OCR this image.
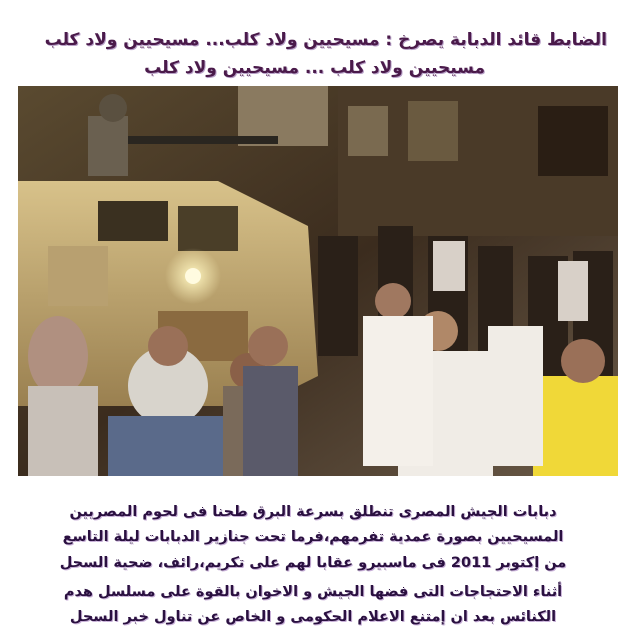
الضابط قائد الدبابة يصرخ : مسيحيين ولاد كلب... مسيحيين ولاد كلب
مسيحيين ولاد كلب ... مسيحيين ولاد كلب
دبابات الجيش المصرى تنطلق بسرعة البرق طحنا فى لحوم المصريين
المسيحيين بصورة عمدية تفرمهم،فرما تحت جنازير الدبابات ليلة التاسع
من إكتوبر 2011 فى ماسبيرو عقابا لهم على تكريم،رائف، ضحية السحل
أثناء الاحتجاجات التى فضها الجيش و الاخوان بالقوة على مسلسل هدم
الكنائس بعد ان إمتنع الاعلام الحكومى و الخاص عن تناول خبر السحل
